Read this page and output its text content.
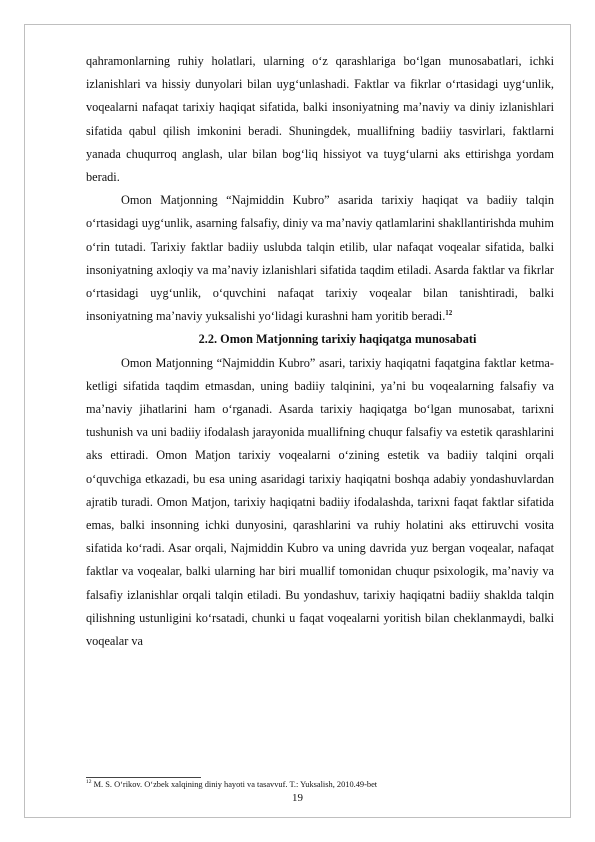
qahramonlarning ruhiy holatlari, ularning o‘z qarashlariga bo‘lgan munosabatlari, ichki izlanishlari va hissiy dunyolari bilan uyg‘unlashadi. Faktlar va fikrlar o‘rtasidagi uyg‘unlik, voqealarni nafaqat tarixiy haqiqat sifatida, balki insoniyatning ma’naviy va diniy izlanishlari sifatida qabul qilish imkonini beradi. Shuningdek, muallifning badiiy tasvirlari, faktlarni yanada chuqurroq anglash, ular bilan bog‘liq hissiyot va tuyg‘ularni aks ettirishga yordam beradi.

Omon Matjonning “Najmiddin Kubro” asarida tarixiy haqiqat va badiiy talqin o‘rtasidagi uyg‘unlik, asarning falsafiy, diniy va ma’naviy qatlamlarini shakllantirishda muhim o‘rin tutadi. Tarixiy faktlar badiiy uslubda talqin etilib, ular nafaqat voqealar sifatida, balki insoniyatning axloqiy va ma’naviy izlanishlari sifatida taqdim etiladi. Asarda faktlar va fikrlar o‘rtasidagi uyg‘unlik, o‘quvchini nafaqat tarixiy voqealar bilan tanishtiradi, balki insoniyatning ma’naviy yuksalishi yo‘lidagi kurashni ham yoritib beradi.$^{12}$

2.2. Omon Matjonning tarixiy haqiqatga munosabati

Omon Matjonning “Najmiddin Kubro” asari, tarixiy haqiqatni faqatgina faktlar ketma-ketligi sifatida taqdim etmasdan, uning badiiy talqinini, ya’ni bu voqealarning falsafiy va ma’naviy jihatlarini ham o‘rganadi. Asarda tarixiy haqiqatga bo‘lgan munosabat, tarixni tushunish va uni badiiy ifodalash jarayonida muallifning chuqur falsafiy va estetik qarashlarini aks ettiradi. Omon Matjon tarixiy voqealarni o‘zining estetik va badiiy talqini orqali o‘quvchiga etkazadi, bu esa uning asaridagi tarixiy haqiqatni boshqa adabiy yondashuvlardan ajratib turadi. Omon Matjon, tarixiy haqiqatni badiiy ifodalashda, tarixni faqat faktlar sifatida emas, balki insonning ichki dunyosini, qarashlarini va ruhiy holatini aks ettiruvchi vosita sifatida ko‘radi. Asar orqali, Najmiddin Kubro va uning davrida yuz bergan voqealar, nafaqat faktlar va voqealar, balki ularning har biri muallif tomonidan chuqur psixologik, ma’naviy va falsafiy izlanishlar orqali talqin etiladi. Bu yondashuv, tarixiy haqiqatni badiiy shaklda talqin qilishning ustunligini ko‘rsatadi, chunki u faqat voqealarni yoritish bilan cheklanmaydi, balki voqealar va

$^{12}$ M. S. O‘rikov. O‘zbek xalqining diniy hayoti va tasavvuf. T.: Yuksalish, 2010.49-bet
19
